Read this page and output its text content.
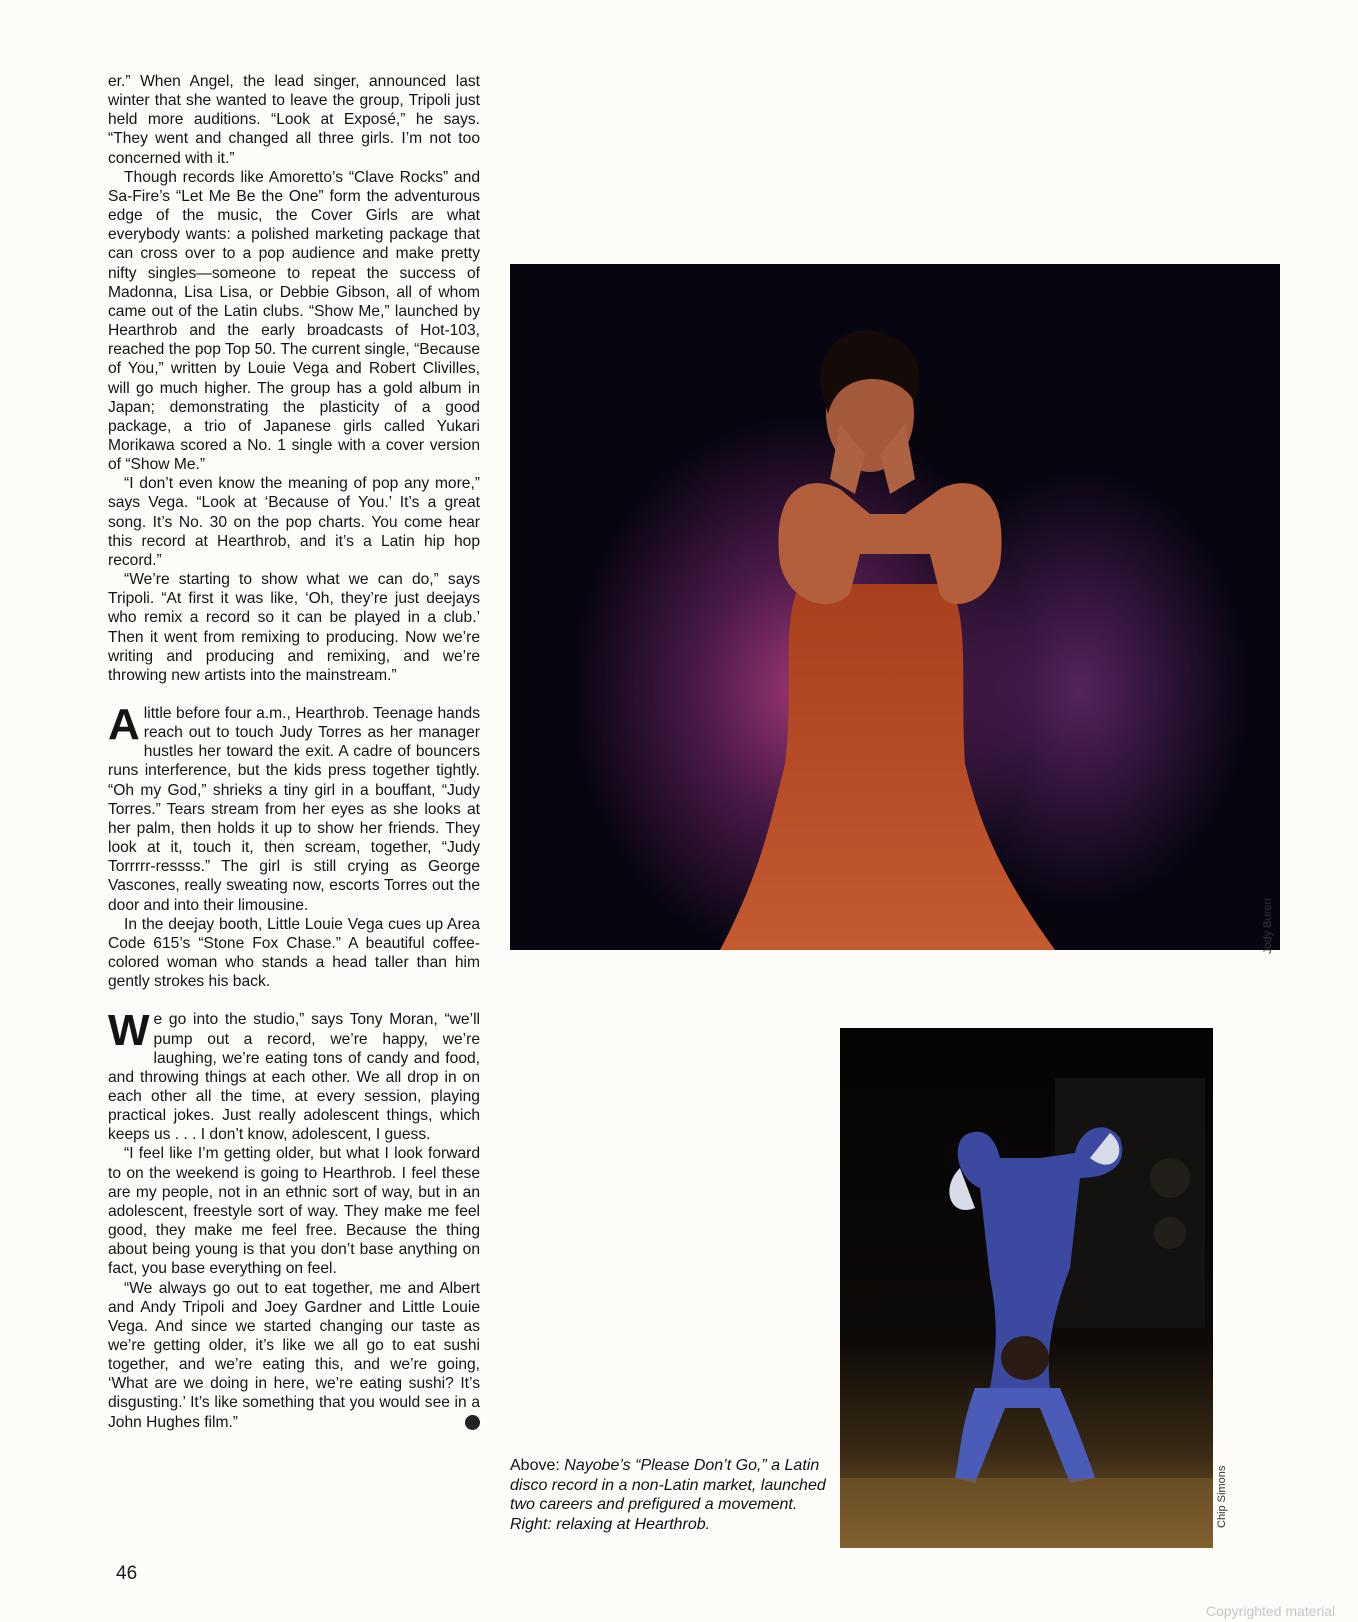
er.” When Angel, the lead singer, announced last winter that she wanted to leave the group, Tripoli just held more auditions. “Look at Exposé,” he says. “They went and changed all three girls. I’m not too concerned with it.”

Though records like Amoretto’s “Clave Rocks” and Sa-Fire’s “Let Me Be the One” form the adventurous edge of the music, the Cover Girls are what everybody wants: a polished marketing package that can cross over to a pop audience and make pretty nifty singles—someone to repeat the success of Madonna, Lisa Lisa, or Debbie Gibson, all of whom came out of the Latin clubs. “Show Me,” launched by Hearthrob and the early broadcasts of Hot-103, reached the pop Top 50. The current single, “Because of You,” written by Louie Vega and Robert Clivilles, will go much higher. The group has a gold album in Japan; demonstrating the plasticity of a good package, a trio of Japanese girls called Yukari Morikawa scored a No. 1 single with a cover version of “Show Me.”

“I don’t even know the meaning of pop any more,” says Vega. “Look at ‘Because of You.’ It’s a great song. It’s No. 30 on the pop charts. You come hear this record at Hearthrob, and it’s a Latin hip hop record.”

“We’re starting to show what we can do,” says Tripoli. “At first it was like, ‘Oh, they’re just deejays who remix a record so it can be played in a club.’ Then it went from remixing to producing. Now we’re writing and producing and remixing, and we’re throwing new artists into the mainstream.”

A little before four a.m., Hearthrob. Teenage hands reach out to touch Judy Torres as her manager hustles her toward the exit. A cadre of bouncers runs interference, but the kids press together tightly. “Oh my God,” shrieks a tiny girl in a bouffant, “Judy Torres.” Tears stream from her eyes as she looks at her palm, then holds it up to show her friends. They look at it, touch it, then scream, together, “Judy Torrrrr-ressss.” The girl is still crying as George Vascones, really sweating now, escorts Torres out the door and into their limousine.

In the deejay booth, Little Louie Vega cues up Area Code 615’s “Stone Fox Chase.” A beautiful coffee-colored woman who stands a head taller than him gently strokes his back.

W e go into the studio,” says Tony Moran, “we’ll pump out a record, we’re happy, we’re laughing, we’re eating tons of candy and food, and throwing things at each other. We all drop in on each other all the time, at every session, playing practical jokes. Just really adolescent things, which keeps us . . . I don’t know, adolescent, I guess.

“I feel like I’m getting older, but what I look forward to on the weekend is going to Hearthrob. I feel these are my people, not in an ethnic sort of way, but in an adolescent, freestyle sort of way. They make me feel good, they make me feel free. Because the thing about being young is that you don’t base anything on fact, you base everything on feel.

“We always go out to eat together, me and Albert and Andy Tripoli and Joey Gardner and Little Louie Vega. And since we started changing our taste as we’re getting older, it’s like we all go to eat sushi together, and we’re eating this, and we’re going, ‘What are we doing in here, we’re eating sushi? It’s disgusting.’ It’s like something that you would see in a John Hughes film.”	✦

46
Jody Buren
Chip Simons
Above: Nayobe’s “Please Don’t Go,” a Latin disco record in a non-Latin market, launched two careers and prefigured a movement. Right: relaxing at Hearthrob.
Copyrighted material
